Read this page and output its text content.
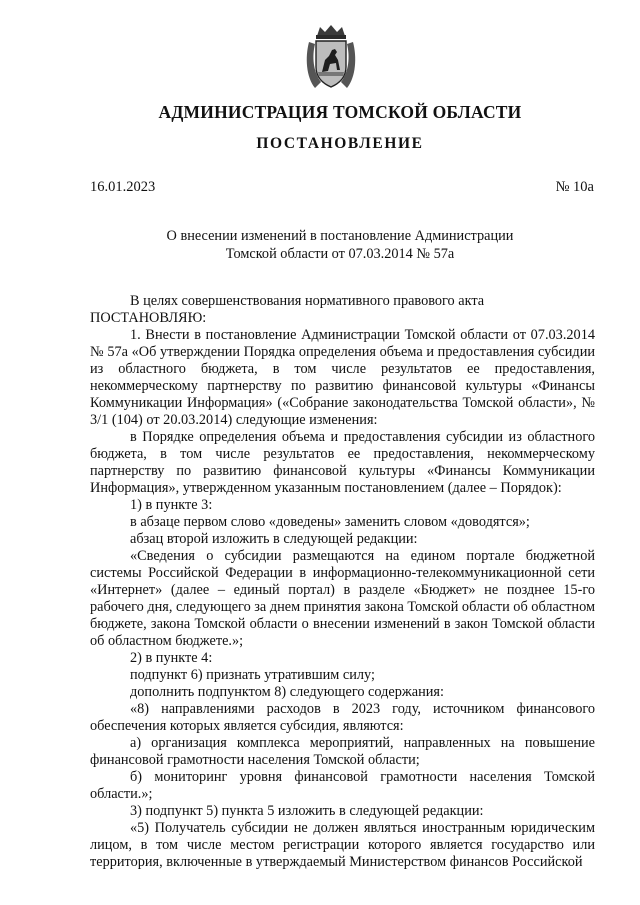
АДМИНИСТРАЦИЯ ТОМСКОЙ ОБЛАСТИ
ПОСТАНОВЛЕНИЕ
16.01.2023	№ 10а
О внесении изменений в постановление Администрации
Томской области от 07.03.2014 № 57а

В целях совершенствования нормативного правового акта

ПОСТАНОВЛЯЮ:

1. Внести в постановление Администрации Томской области от 07.03.2014 № 57а «Об утверждении Порядка определения объема и предоставления субсидии из областного бюджета, в том числе результатов ее предоставления, некоммерческому партнерству по развитию финансовой культуры «Финансы Коммуникации Информация» («Собрание законодательства Томской области», № 3/1 (104) от 20.03.2014) следующие изменения:

в Порядке определения объема и предоставления субсидии из областного бюджета, в том числе результатов ее предоставления, некоммерческому партнерству по развитию финансовой культуры «Финансы Коммуникации Информация», утвержденном указанным постановлением (далее – Порядок):

1) в пункте 3:

в абзаце первом слово «доведены» заменить словом «доводятся»;

абзац второй изложить в следующей редакции:

«Сведения о субсидии размещаются на едином портале бюджетной системы Российской Федерации в информационно-телекоммуникационной сети «Интернет» (далее – единый портал) в разделе «Бюджет» не позднее 15-го рабочего дня, следующего за днем принятия закона Томской области об областном бюджете, закона Томской области о внесении изменений в закон Томской области об областном бюджете.»;

2) в пункте 4:

подпункт 6) признать утратившим силу;

дополнить подпунктом 8) следующего содержания:

«8) направлениями расходов в 2023 году, источником финансового обеспечения которых является субсидия, являются:

а) организация комплекса мероприятий, направленных на повышение финансовой грамотности населения Томской области;

б) мониторинг уровня финансовой грамотности населения Томской области.»;

3) подпункт 5) пункта 5 изложить в следующей редакции:

«5) Получатель субсидии не должен являться иностранным юридическим лицом, в том числе местом регистрации которого является государство или территория, включенные в утверждаемый Министерством финансов Российской
